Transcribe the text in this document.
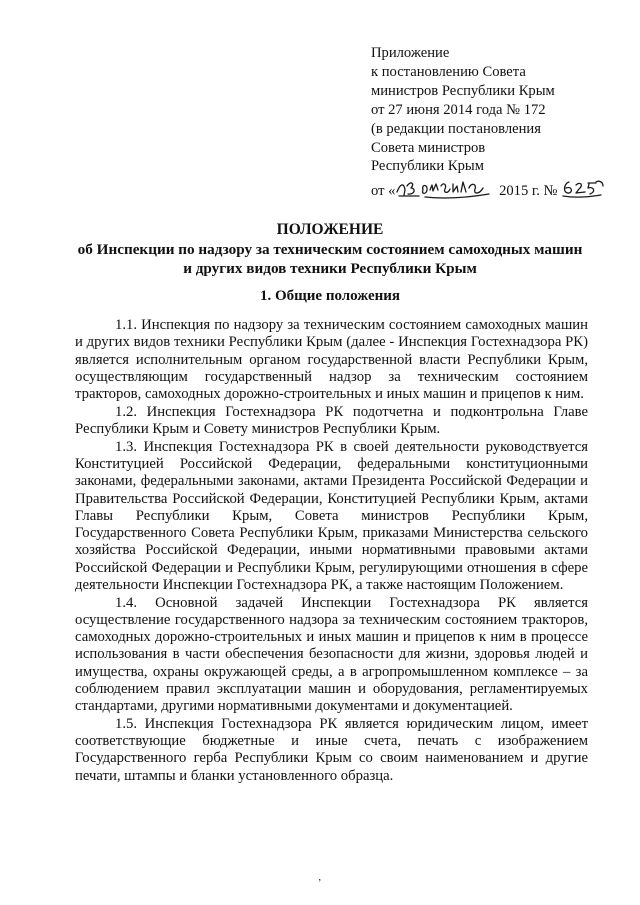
Приложение
к постановлению Совета
министров Республики Крым
от 27 июня 2014 года № 172
(в редакции постановления
Совета министров
Республики Крым
от «	2015 г. №
ПОЛОЖЕНИЕ
об Инспекции по надзору за техническим состоянием самоходных машин
и других видов техники Республики Крым
1. Общие положения

1.1. Инспекция по надзору за техническим состоянием самоходных машин и других видов техники Республики Крым (далее - Инспекция Гостехнадзора РК) является исполнительным органом государственной власти Республики Крым, осуществляющим государственный надзор за техническим состоянием тракторов, самоходных дорожно-строительных и иных машин и прицепов к ним.

1.2. Инспекция Гостехнадзора РК подотчетна и подконтрольна Главе Республики Крым и Совету министров Республики Крым.

1.3. Инспекция Гостехнадзора РК в своей деятельности руководствуется Конституцией Российской Федерации, федеральными конституционными законами, федеральными законами, актами Президента Российской Федерации и Правительства Российской Федерации, Конституцией Республики Крым, актами Главы Республики Крым, Совета министров Республики Крым, Государственного Совета Республики Крым, приказами Министерства сельского хозяйства Российской Федерации, иными нормативными правовыми актами Российской Федерации и Республики Крым, регулирующими отношения в сфере деятельности Инспекции Гостехнадзора РК, а также настоящим Положением.

1.4. Основной задачей Инспекции Гостехнадзора РК является осуществление государственного надзора за техническим состоянием тракторов, самоходных дорожно-строительных и иных машин и прицепов к ним в процессе использования в части обеспечения безопасности для жизни, здоровья людей и имущества, охраны окружающей среды, а в агропромышленном комплексе – за соблюдением правил эксплуатации машин и оборудования, регламентируемых стандартами, другими нормативными документами и документацией.

1.5. Инспекция Гостехнадзора РК является юридическим лицом, имеет соответствующие бюджетные и иные счета, печать с изображением Государственного герба Республики Крым со своим наименованием и другие печати, штампы и бланки установленного образца.

’
